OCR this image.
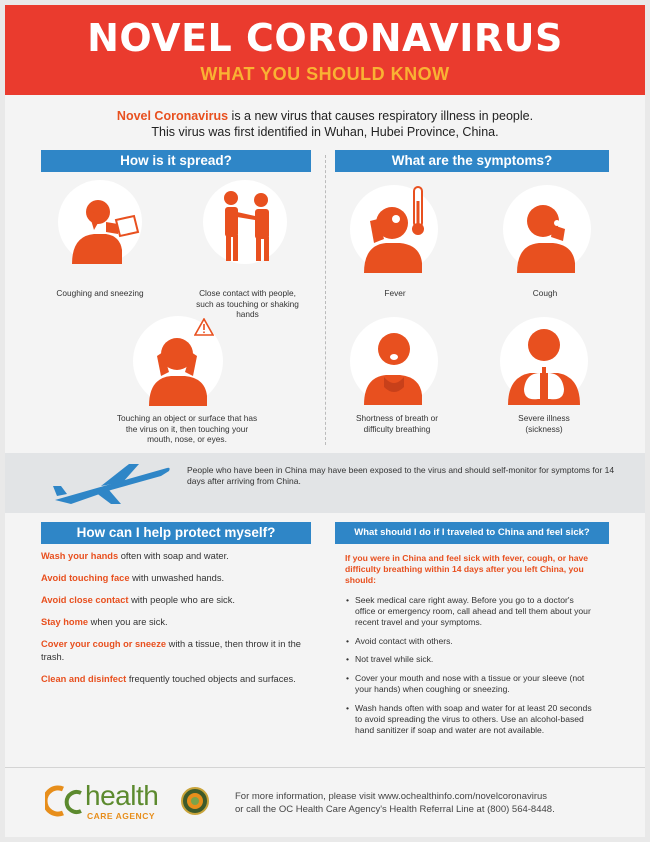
NOVEL CORONAVIRUS
WHAT YOU SHOULD KNOW
Novel Coronavirus is a new virus that causes respiratory illness in people.
This virus was first identified in Wuhan, Hubei Province, China.
How is it spread?	What are the symptoms?
Coughing and sneezing	Close contact with people, such as touching or shaking hands
Touching an object or surface that has the virus on it, then touching your mouth, nose, or eyes.
Fever	Cough
Shortness of breath or difficulty breathing
Severe illness (sickness)
People who have been in China may have been exposed to the virus and should self-monitor for symptoms for 14 days after arriving from China.
How can I help protect myself?

Wash your hands often with soap and water.

Avoid touching face with unwashed hands.

Avoid close contact with people who are sick.

Stay home when you are sick.

Cover your cough or sneeze with a tissue, then throw it in the trash.

Clean and disinfect frequently touched objects and surfaces.

What should I do if I traveled to China and feel sick?
If you were in China and feel sick with fever, cough, or have difficulty breathing within 14 days after you left China, you should:
• Seek medical care right away. Before you go to a doctor's office or emergency room, call ahead and tell them about your recent travel and your symptoms.
• Avoid contact with others.
• Not travel while sick.
• Cover your mouth and nose with a tissue or your sleeve (not your hands) when coughing or sneezing.
• Wash hands often with soap and water for at least 20 seconds to avoid spreading the virus to others. Use an alcohol-based hand sanitizer if soap and water are not available.
health
CARE AGENCY
For more information, please visit www.ochealthinfo.com/novelcoronavirus
or call the OC Health Care Agency's Health Referral Line at (800) 564-8448.
